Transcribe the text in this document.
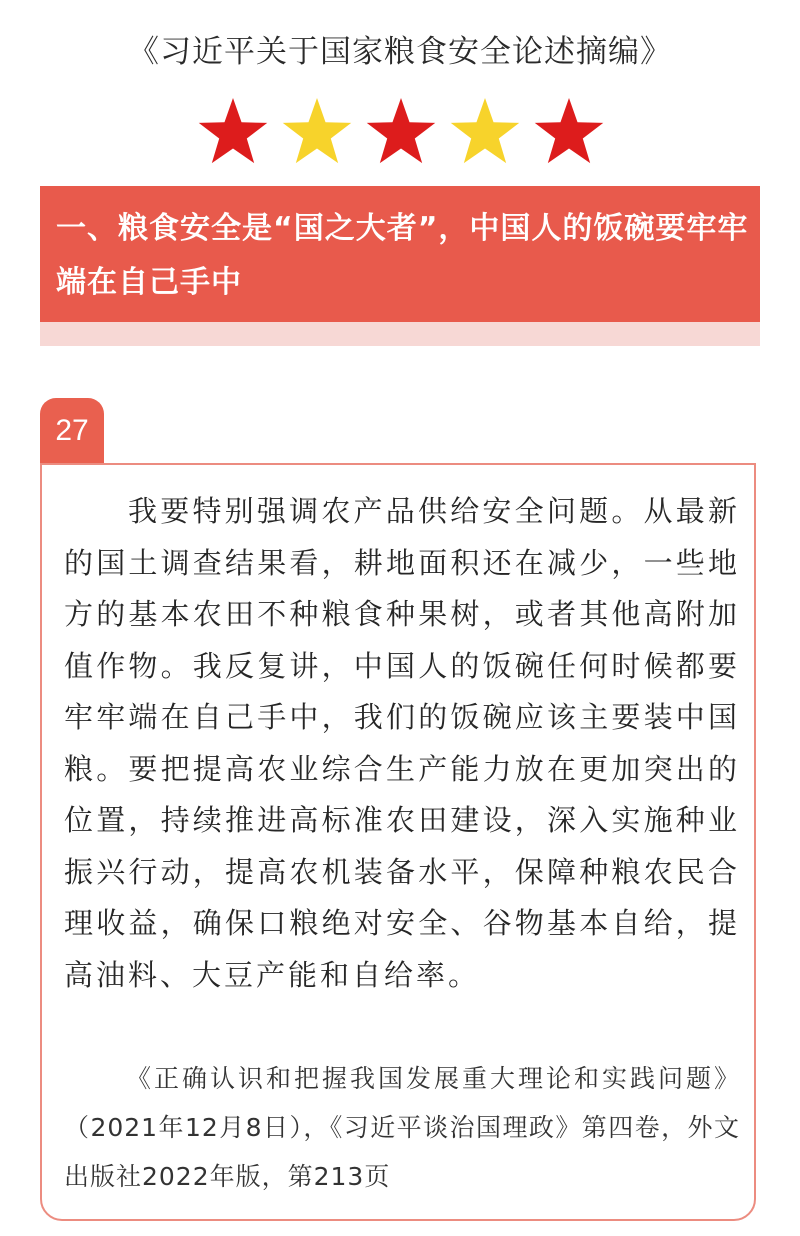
《习近平关于国家粮食安全论述摘编》
一、粮食安全是“国之大者”，中国人的饭碗要牢牢端在自己手中
27
我要特别强调农产品供给安全问题。从最新的国土调查结果看，耕地面积还在减少，一些地方的基本农田不种粮食种果树，或者其他高附加值作物。我反复讲，中国人的饭碗任何时候都要牢牢端在自己手中，我们的饭碗应该主要装中国粮。要把提高农业综合生产能力放在更加突出的位置，持续推进高标准农田建设，深入实施种业振兴行动，提高农机装备水平，保障种粮农民合理收益，确保口粮绝对安全、谷物基本自给，提高油料、大豆产能和自给率。
《正确认识和把握我国发展重大理论和实践问题》（2021年12月8日），《习近平谈治国理政》第四卷，外文出版社2022年版，第213页
